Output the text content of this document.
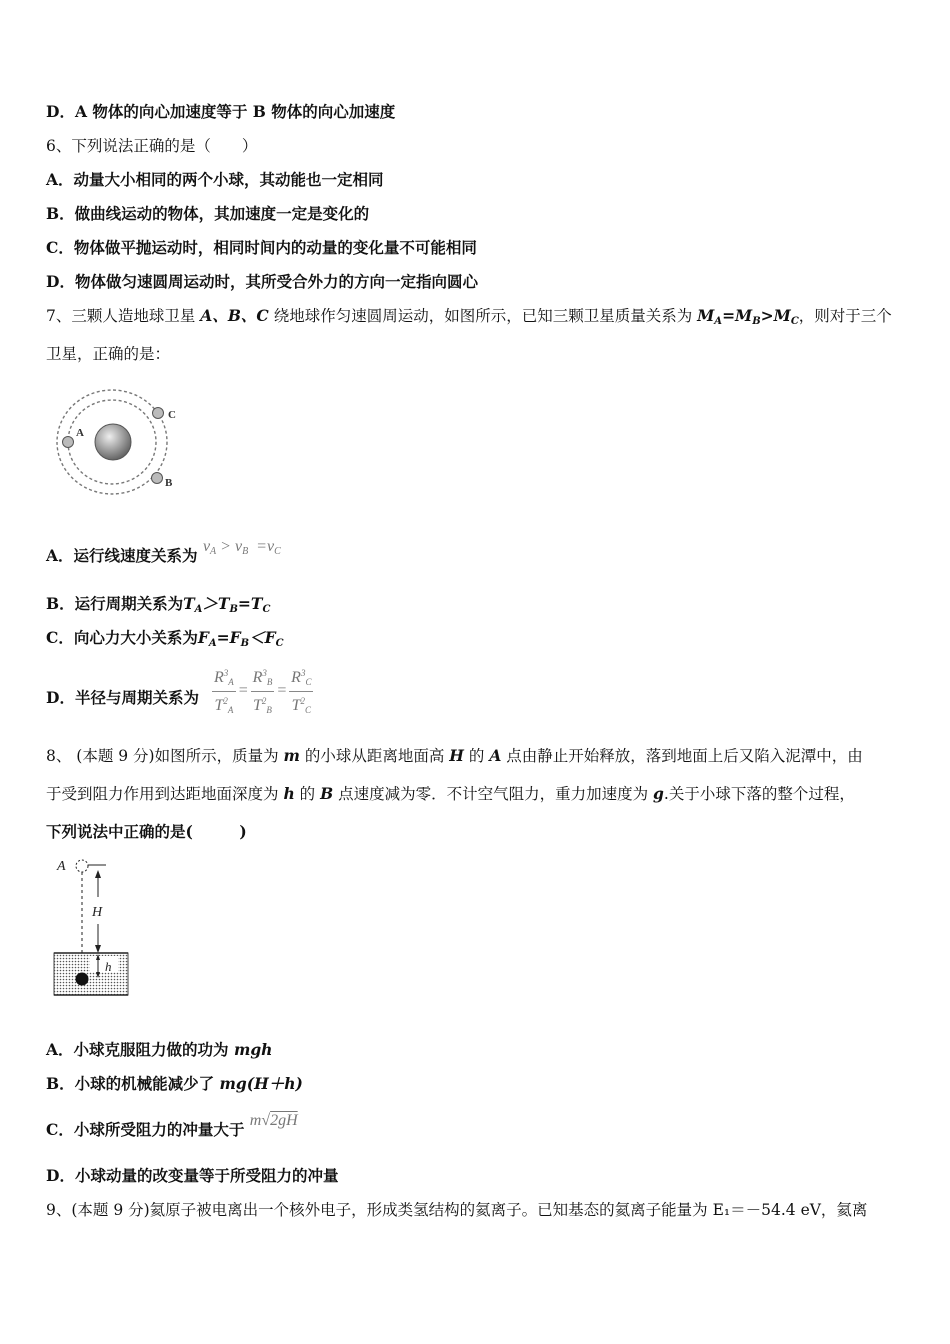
D．A 物体的向心加速度等于 B 物体的向心加速度
6、下列说法正确的是（　　）
A．动量大小相同的两个小球，其动能也一定相同
B．做曲线运动的物体，其加速度一定是变化的
C．物体做平抛运动时，相同时间内的动量的变化量不可能相同
D．物体做匀速圆周运动时，其所受合外力的方向一定指向圆心
7、三颗人造地球卫星 A、B、C 绕地球作匀速圆周运动，如图所示，已知三颗卫星质量关系为 $M_A=M_B>M_C$，则对于三个
卫星，正确的是：
A
C
B
A．运行线速度关系为 $v_A > v_B =v_C$
B．运行周期关系为$T_A>T_B=T_C$
C．向心力大小关系为$F_A=F_B<F_C$
D．半径与周期关系为 $\frac{R^3_A}{T^2_A} = \frac{R^3_B}{T^2_B} = \frac{R^3_C}{T^2_C}$
8、 (本题 9 分)如图所示，质量为 m 的小球从距离地面高 H 的 A 点由静止开始释放，落到地面上后又陷入泥潭中，由
于受到阻力作用到达距地面深度为 h 的 B 点速度减为零．不计空气阻力，重力加速度为 g.关于小球下落的整个过程，
下列说法中正确的是(　　　)
A
H
h
A．小球克服阻力做的功为 mgh
B．小球的机械能减少了 mg(H＋h)
C．小球所受阻力的冲量大于 m√2gH
D．小球动量的改变量等于所受阻力的冲量
9、(本题 9 分)氦原子被电离出一个核外电子，形成类氢结构的氦离子。已知基态的氦离子能量为 E₁＝－54.4 eV，氦离
